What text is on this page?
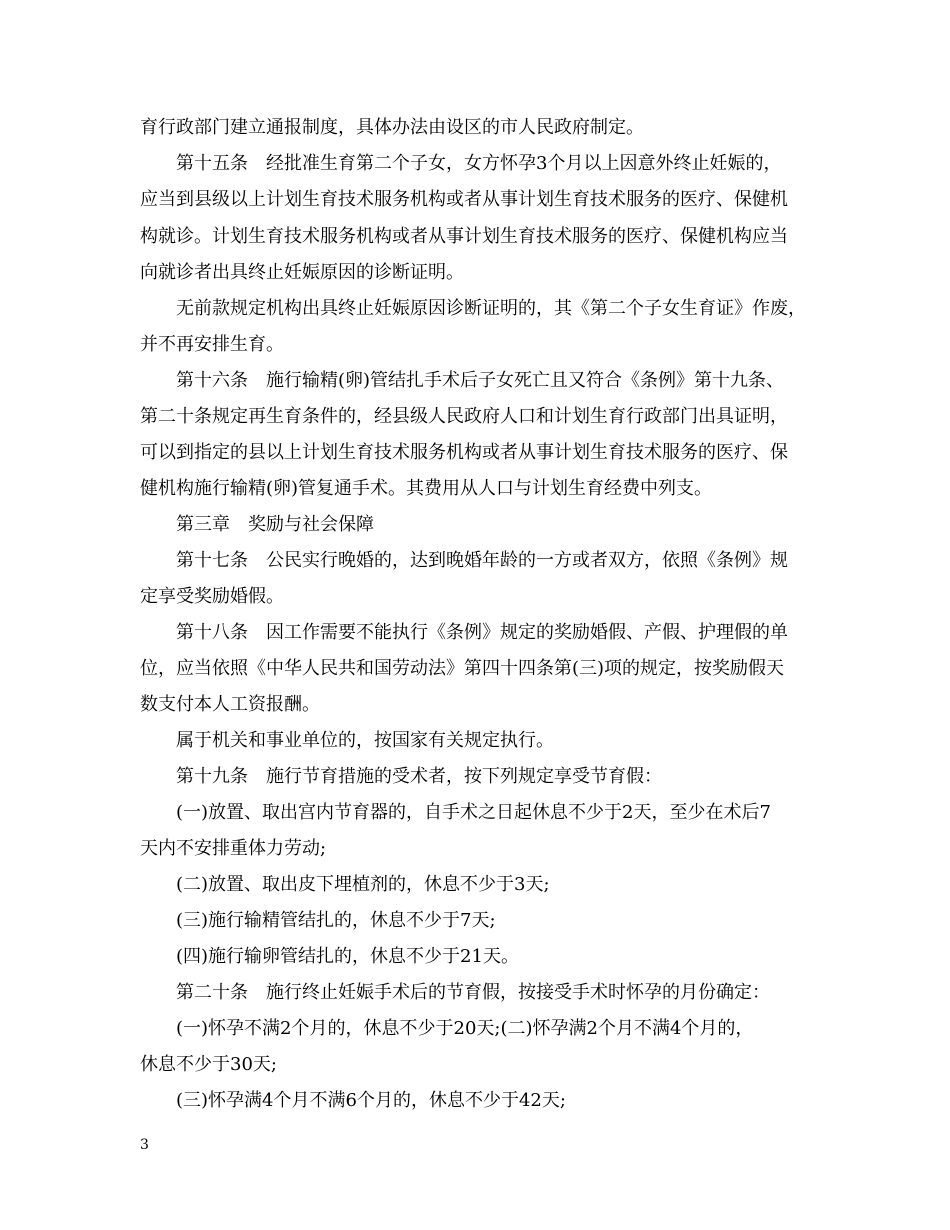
育行政部门建立通报制度，具体办法由设区的市人民政府制定。
第十五条　经批准生育第二个子女，女方怀孕3个月以上因意外终止妊娠的，
应当到县级以上计划生育技术服务机构或者从事计划生育技术服务的医疗、保健机
构就诊。计划生育技术服务机构或者从事计划生育技术服务的医疗、保健机构应当
向就诊者出具终止妊娠原因的诊断证明。
无前款规定机构出具终止妊娠原因诊断证明的，其《第二个子女生育证》作废，
并不再安排生育。
第十六条　施行输精(卵)管结扎手术后子女死亡且又符合《条例》第十九条、
第二十条规定再生育条件的，经县级人民政府人口和计划生育行政部门出具证明，
可以到指定的县以上计划生育技术服务机构或者从事计划生育技术服务的医疗、保
健机构施行输精(卵)管复通手术。其费用从人口与计划生育经费中列支。
第三章　奖励与社会保障
第十七条　公民实行晚婚的，达到晚婚年龄的一方或者双方，依照《条例》规
定享受奖励婚假。
第十八条　因工作需要不能执行《条例》规定的奖励婚假、产假、护理假的单
位，应当依照《中华人民共和国劳动法》第四十四条第(三)项的规定，按奖励假天
数支付本人工资报酬。
属于机关和事业单位的，按国家有关规定执行。
第十九条　施行节育措施的受术者，按下列规定享受节育假：
(一)放置、取出宫内节育器的，自手术之日起休息不少于2天，至少在术后7
天内不安排重体力劳动;
(二)放置、取出皮下埋植剂的，休息不少于3天;
(三)施行输精管结扎的，休息不少于7天;
(四)施行输卵管结扎的，休息不少于21天。
第二十条　施行终止妊娠手术后的节育假，按接受手术时怀孕的月份确定：
(一)怀孕不满2个月的，休息不少于20天;(二)怀孕满2个月不满4个月的，
休息不少于30天;
(三)怀孕满4个月不满6个月的，休息不少于42天;
3
